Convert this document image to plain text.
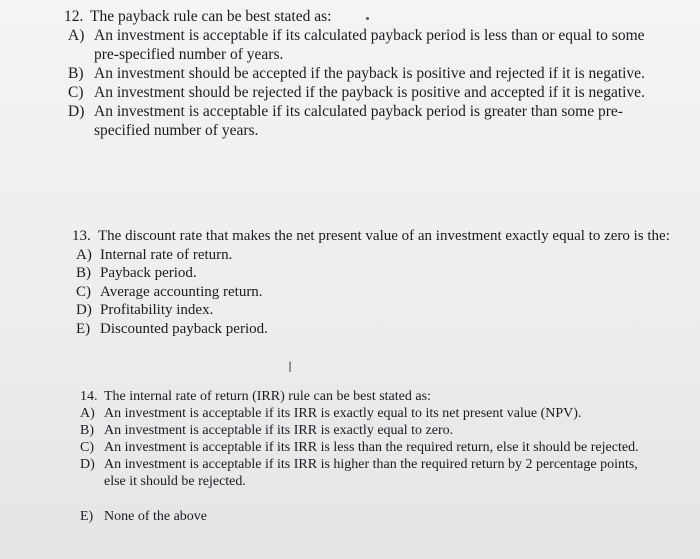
12. The payback rule can be best stated as:
A) An investment is acceptable if its calculated payback period is less than or equal to some pre-specified number of years.
B) An investment should be accepted if the payback is positive and rejected if it is negative.
C) An investment should be rejected if the payback is positive and accepted if it is negative.
D) An investment is acceptable if its calculated payback period is greater than some pre-specified number of years.
13. The discount rate that makes the net present value of an investment exactly equal to zero is the:
A) Internal rate of return.
B) Payback period.
C) Average accounting return.
D) Profitability index.
E) Discounted payback period.
I
14. The internal rate of return (IRR) rule can be best stated as:
A) An investment is acceptable if its IRR is exactly equal to its net present value (NPV).
B) An investment is acceptable if its IRR is exactly equal to zero.
C) An investment is acceptable if its IRR is less than the required return, else it should be rejected.
D) An investment is acceptable if its IRR is higher than the required return by 2 percentage points, else it should be rejected.
E) None of the above
